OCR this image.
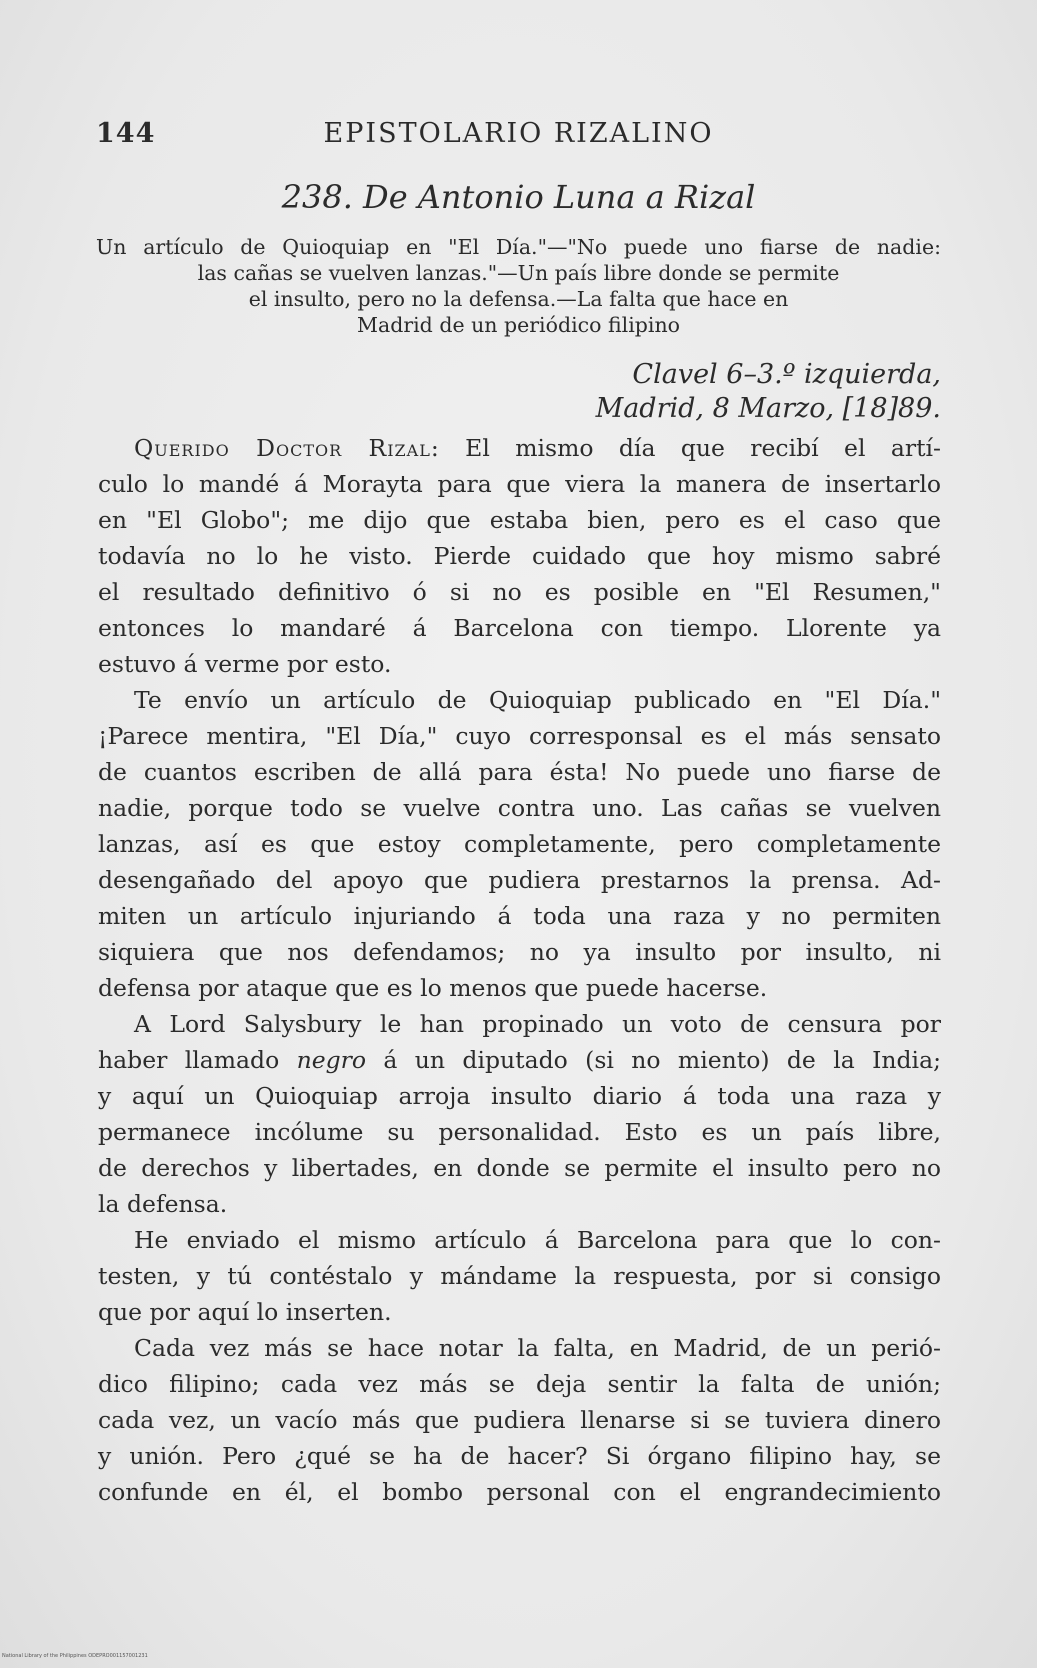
144	EPISTOLARIO RIZALINO
238. De Antonio Luna a Rizal
Un artículo de Quioquiap en "El Día."—"No puede uno fiarse de nadie:
las cañas se vuelven lanzas."—Un país libre donde se permite
el insulto, pero no la defensa.—La falta que hace en
Madrid de un periódico filipino
Clavel 6–3.º izquierda,
Madrid, 8 Marzo, [18]89.
Querido Doctor Rizal: El mismo día que recibí el artí-
culo lo mandé á Morayta para que viera la manera de insertarlo
en "El Globo"; me dijo que estaba bien, pero es el caso que
todavía no lo he visto. Pierde cuidado que hoy mismo sabré
el resultado definitivo ó si no es posible en "El Resumen,"
entonces lo mandaré á Barcelona con tiempo. Llorente ya
estuvo á verme por esto.
Te envío un artículo de Quioquiap publicado en "El Día."
¡Parece mentira, "El Día," cuyo corresponsal es el más sensato
de cuantos escriben de allá para ésta! No puede uno fiarse de
nadie, porque todo se vuelve contra uno. Las cañas se vuelven
lanzas, así es que estoy completamente, pero completamente
desengañado del apoyo que pudiera prestarnos la prensa. Ad-
miten un artículo injuriando á toda una raza y no permiten
siquiera que nos defendamos; no ya insulto por insulto, ni
defensa por ataque que es lo menos que puede hacerse.
A Lord Salysbury le han propinado un voto de censura por
haber llamado negro á un diputado (si no miento) de la India;
y aquí un Quioquiap arroja insulto diario á toda una raza y
permanece incólume su personalidad. Esto es un país libre,
de derechos y libertades, en donde se permite el insulto pero no
la defensa.
He enviado el mismo artículo á Barcelona para que lo con-
testen, y tú contéstalo y mándame la respuesta, por si consigo
que por aquí lo inserten.
Cada vez más se hace notar la falta, en Madrid, de un perió-
dico filipino; cada vez más se deja sentir la falta de unión;
cada vez, un vacío más que pudiera llenarse si se tuviera dinero
y unión. Pero ¿qué se ha de hacer? Si órgano filipino hay, se
confunde en él, el bombo personal con el engrandecimiento
National Library of the Philippines ODEPRO001157001231
